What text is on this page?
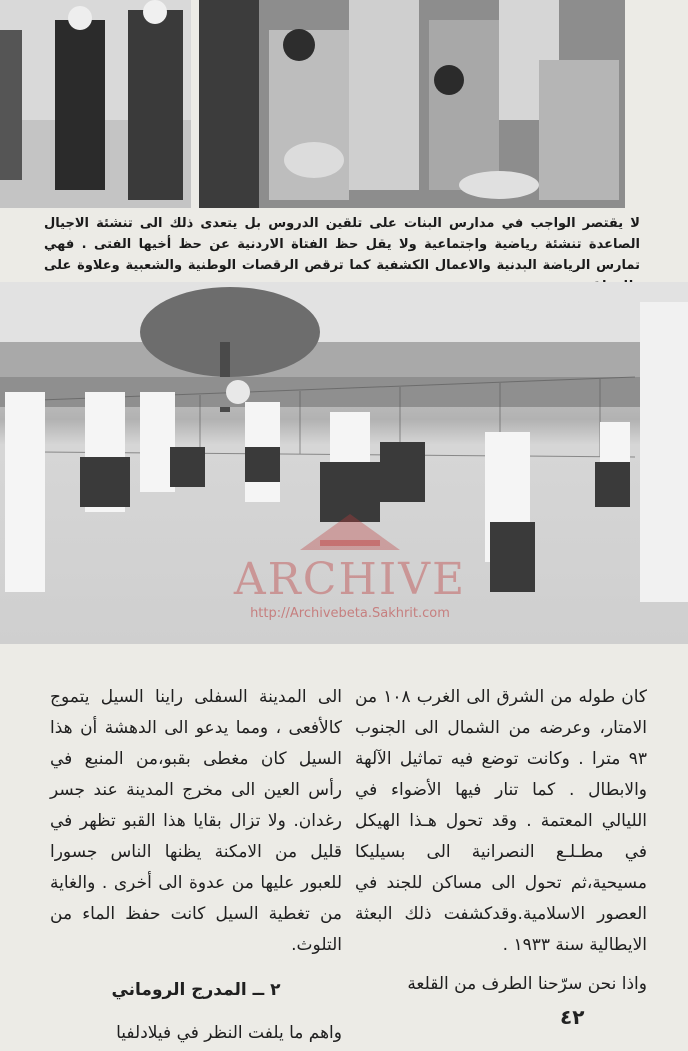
لا يقتصر الواجب في مدارس البنات على تلقين الدروس بل يتعدى ذلك الى تنشئة الاجيال الصاعدة تنشئة رياضية واجتماعية ولا يقل حظ الفتاة الاردنية عن حظ أخيها الفتى . فهي تمارس الرياضة البدنية والاعمال الكشفية كما ترقص الرقصات الوطنية والشعبية وعلاوة على
ARCHIVE
http://Archivebeta.Sakhrit.com

كان طوله من الشرق الى الغرب ١٠٨ من الامتار، وعرضه من الشمال الى الجنوب ٩٣ مترا . وكانت توضع فيه تماثيل الآلهة والابطال . كما تنار فيها الأضواء في الليالي المعتمة . وقد تحول هـذا الهيكل في مطـلـع النصرانية الى بسيليكا مسيحية،ثم تحول الى مساكن للجند في العصور الاسلامية.وقدكشفت ذلك البعثة الايطالية سنة ١٩٣٣ .

واذا نحن سرّحنا الطرف من القلعة

الى المدينة السفلى راينا السيل يتموج كالأفعى ، ومما يدعو الى الدهشة أن هذا السيل كان مغطى بقبو،من المنبع في رأس العين الى مخرج المدينة عند جسر رغدان. ولا تزال بقايا هذا القبو تظهر في قليل من الامكنة يظنها الناس جسورا للعبور عليها من عدوة الى أخرى . والغاية من تغطية السيل كانت حفظ الماء من التلوث.

٢ ــ المدرج الروماني

واهم ما يلفت النظر في فيلادلفيا

٤٢
